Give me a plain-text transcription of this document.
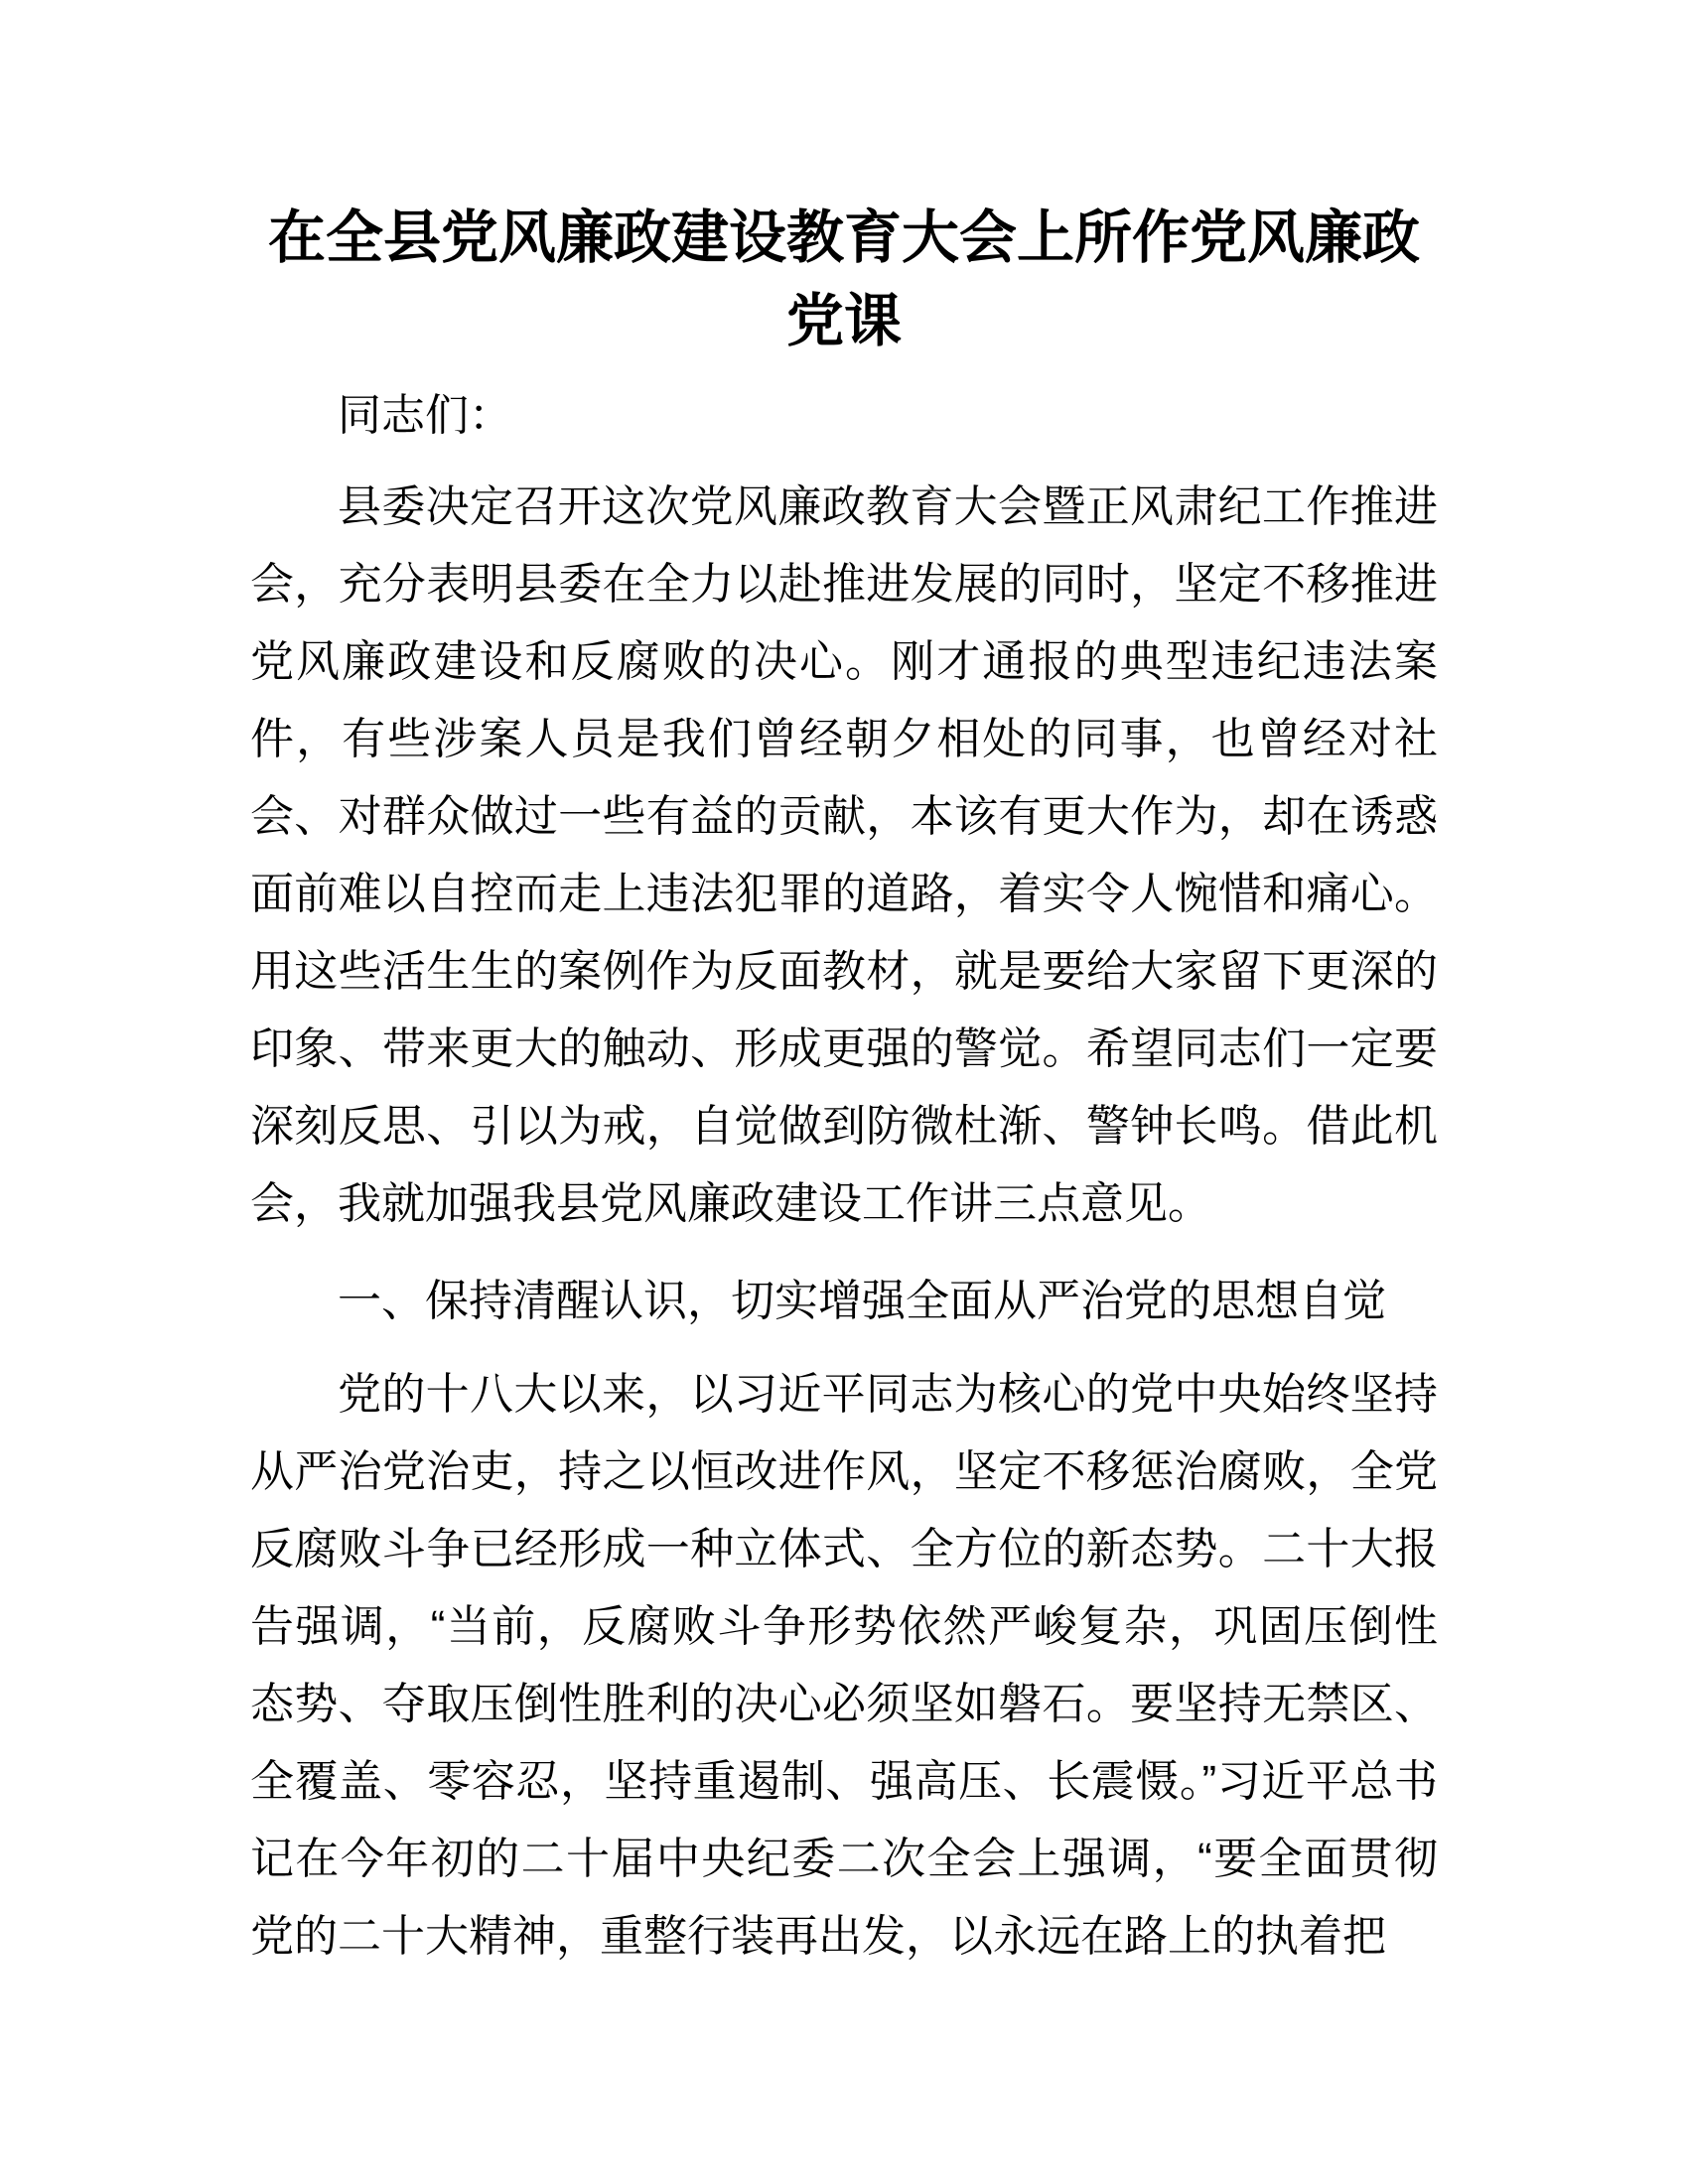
在全县党风廉政建设教育大会上所作党风廉政
党课

同志们：

县委决定召开这次党风廉政教育大会暨正风肃纪工作推进会，充分表明县委在全力以赴推进发展的同时，坚定不移推进党风廉政建设和反腐败的决心。刚才通报的典型违纪违法案件，有些涉案人员是我们曾经朝夕相处的同事，也曾经对社会、对群众做过一些有益的贡献，本该有更大作为，却在诱惑面前难以自控而走上违法犯罪的道路，着实令人惋惜和痛心。用这些活生生的案例作为反面教材，就是要给大家留下更深的印象、带来更大的触动、形成更强的警觉。希望同志们一定要深刻反思、引以为戒，自觉做到防微杜渐、警钟长鸣。借此机会，我就加强我县党风廉政建设工作讲三点意见。

一、保持清醒认识，切实增强全面从严治党的思想自觉

党的十八大以来，以习近平同志为核心的党中央始终坚持从严治党治吏，持之以恒改进作风，坚定不移惩治腐败，全党反腐败斗争已经形成一种立体式、全方位的新态势。二十大报告强调，“当前，反腐败斗争形势依然严峻复杂，巩固压倒性态势、夺取压倒性胜利的决心必须坚如磐石。要坚持无禁区、全覆盖、零容忍，坚持重遏制、强高压、长震慑。”习近平总书记在今年初的二十届中央纪委二次全会上强调，“要全面贯彻党的二十大精神，重整行装再出发，以永远在路上的执着把
